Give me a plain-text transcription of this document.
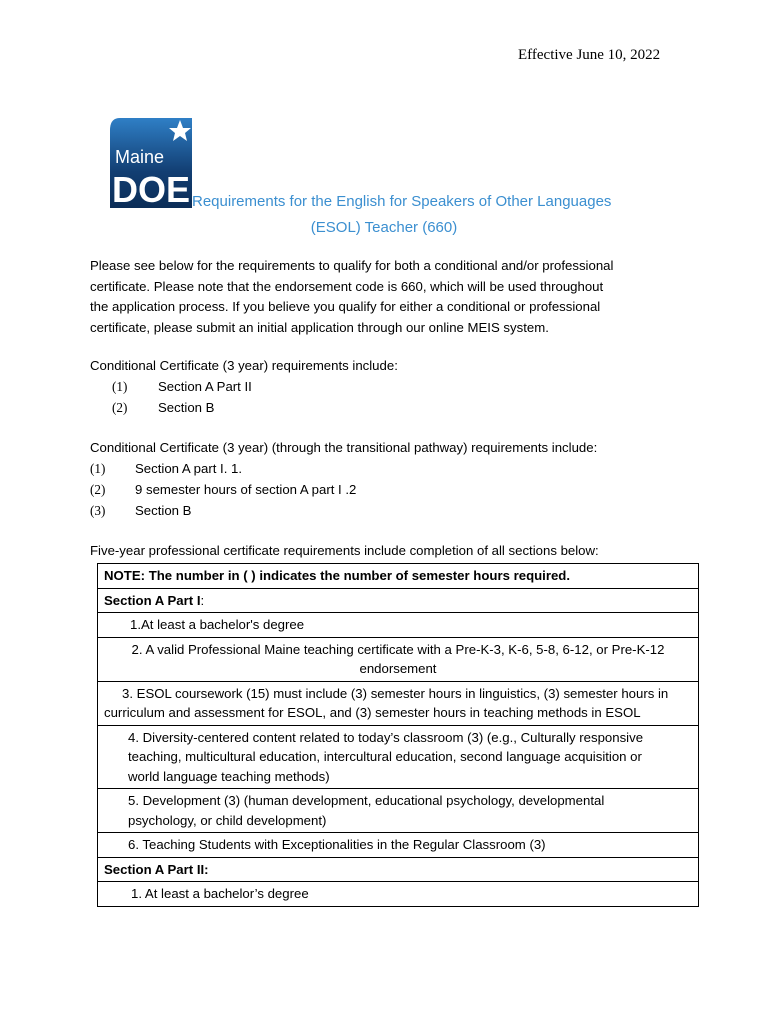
Effective June 10, 2022
Maine
DOE Requirements for the English for Speakers of Other Languages
(ESOL) Teacher (660)
Please see below for the requirements to qualify for both a conditional and/or professional
certificate. Please note that the endorsement code is 660, which will be used throughout
the application process. If you believe you qualify for either a conditional or professional
certificate, please submit an initial application through our online MEIS system.
Conditional Certificate (3 year) requirements include:
(1) Section A Part II
(2) Section B
Conditional Certificate (3 year) (through the transitional pathway) requirements include:
(1) Section A part I. 1.
(2) 9 semester hours of section A part I .2
(3) Section B
Five-year professional certificate requirements include completion of all sections below:
NOTE: The number in ( ) indicates the number of semester hours required.
Section A Part I:
1.At least a bachelor's degree

2. A valid Professional Maine teaching certificate with a Pre-K-3, K-6, 5-8, 6-12, or Pre-K-12
endorsement

3. ESOL coursework (15) must include (3) semester hours in linguistics, (3) semester hours in
curriculum and assessment for ESOL, and (3) semester hours in teaching methods in ESOL

4. Diversity-centered content related to today’s classroom (3) (e.g., Culturally responsive
teaching, multicultural education, intercultural education, second language acquisition or
world language teaching methods)

5. Development (3) (human development, educational psychology, developmental
psychology, or child development)

6. Teaching Students with Exceptionalities in the Regular Classroom (3)
Section A Part II:
1. At least a bachelor’s degree
